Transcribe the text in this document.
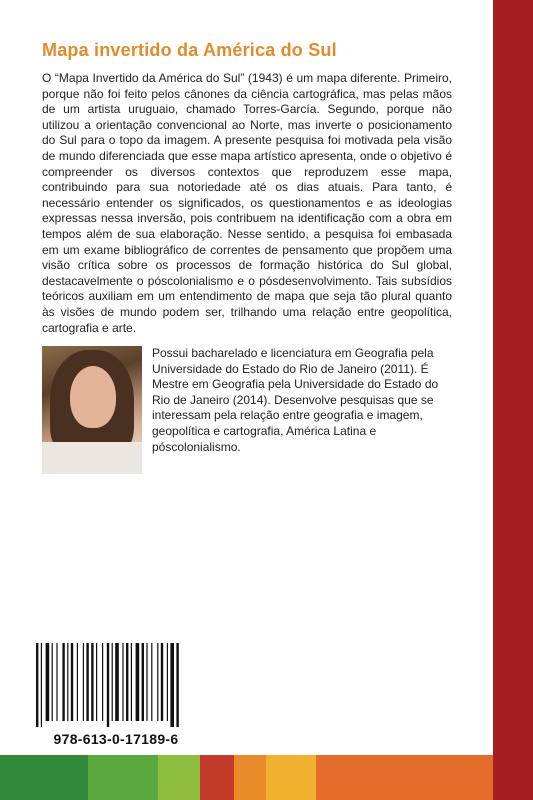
Mapa invertido da América do Sul

O “Mapa Invertido da América do Sul” (1943) é um mapa diferente. Primeiro, porque não foi feito pelos cânones da ciência cartográfica, mas pelas mãos de um artista uruguaio, chamado Torres-García. Segundo, porque não utilizou a orientação convencional ao Norte, mas inverte o posicionamento do Sul para o topo da imagem. A presente pesquisa foi motivada pela visão de mundo diferenciada que esse mapa artístico apresenta, onde o objetivo é compreender os diversos contextos que reproduzem esse mapa, contribuindo para sua notoriedade até os dias atuais. Para tanto, é necessário entender os significados, os questionamentos e as ideologias expressas nessa inversão, pois contribuem na identificação com a obra em tempos além de sua elaboração. Nesse sentido, a pesquisa foi embasada em um exame bibliográfico de correntes de pensamento que propõem uma visão crítica sobre os processos de formação histórica do Sul global, destacavelmente o póscolonialismo e o pósdesenvolvimento. Tais subsídios teóricos auxiliam em um entendimento de mapa que seja tão plural quanto às visões de mundo podem ser, trilhando uma relação entre geopolítica, cartografia e arte.

Possui bacharelado e licenciatura em Geografia pela Universidade do Estado do Rio de Janeiro (2011). É Mestre em Geografia pela Universidade do Estado do Rio de Janeiro (2014). Desenvolve pesquisas que se interessam pela relação entre geografia e imagem, geopolítica e cartografia, América Latina e póscolonialismo.

978-613-0-17189-6
